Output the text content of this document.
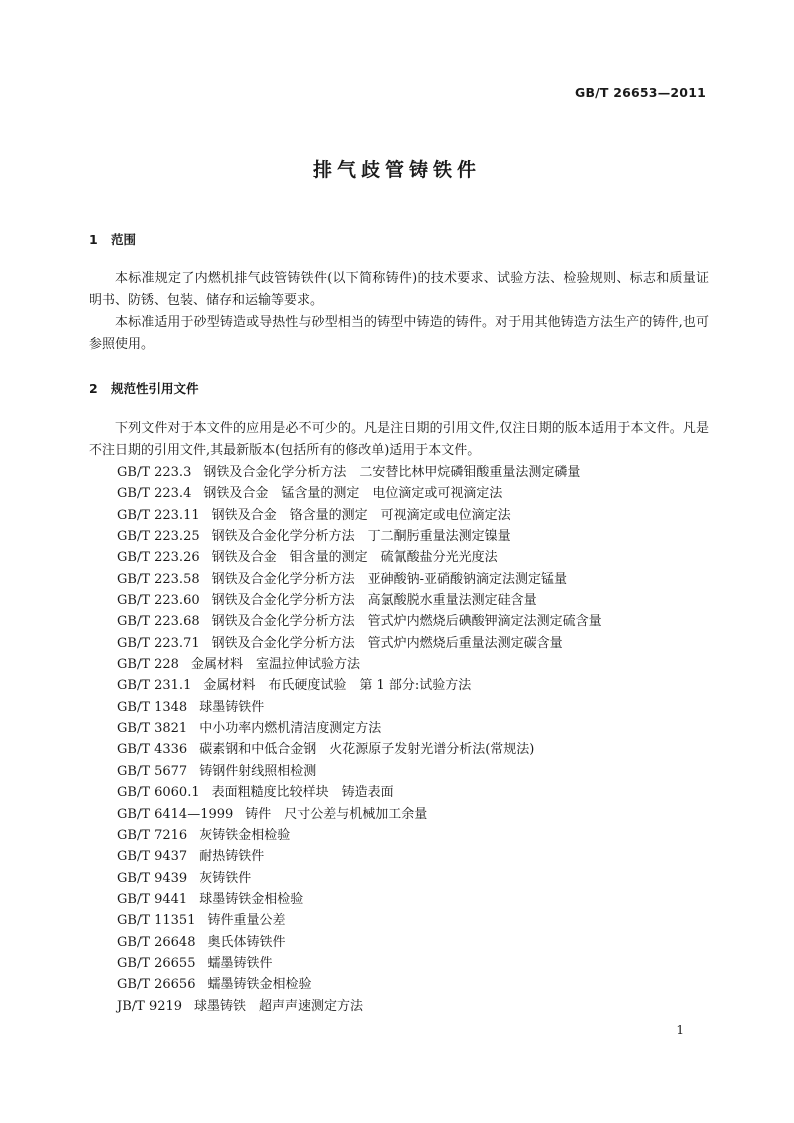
GB/T 26653—2011
排气歧管铸铁件
1 范围

本标准规定了内燃机排气歧管铸铁件(以下简称铸件)的技术要求、试验方法、检验规则、标志和质量证明书、防锈、包装、储存和运输等要求。

本标准适用于砂型铸造或导热性与砂型相当的铸型中铸造的铸件。对于用其他铸造方法生产的铸件,也可参照使用。

2 规范性引用文件

下列文件对于本文件的应用是必不可少的。凡是注日期的引用文件,仅注日期的版本适用于本文件。凡是不注日期的引用文件,其最新版本(包括所有的修改单)适用于本文件。

GB/T 223.3 钢铁及合金化学分析方法　二安替比林甲烷磷钼酸重量法测定磷量
GB/T 223.4 钢铁及合金　锰含量的测定　电位滴定或可视滴定法
GB/T 223.11 钢铁及合金　铬含量的测定　可视滴定或电位滴定法
GB/T 223.25 钢铁及合金化学分析方法　丁二酮肟重量法测定镍量
GB/T 223.26 钢铁及合金　钼含量的测定　硫氰酸盐分光光度法
GB/T 223.58 钢铁及合金化学分析方法　亚砷酸钠-亚硝酸钠滴定法测定锰量
GB/T 223.60 钢铁及合金化学分析方法　高氯酸脱水重量法测定硅含量
GB/T 223.68 钢铁及合金化学分析方法　管式炉内燃烧后碘酸钾滴定法测定硫含量
GB/T 223.71 钢铁及合金化学分析方法　管式炉内燃烧后重量法测定碳含量
GB/T 228 金属材料　室温拉伸试验方法
GB/T 231.1 金属材料　布氏硬度试验　第 1 部分:试验方法
GB/T 1348 球墨铸铁件
GB/T 3821 中小功率内燃机清洁度测定方法
GB/T 4336 碳素钢和中低合金钢　火花源原子发射光谱分析法(常规法)
GB/T 5677 铸钢件射线照相检测
GB/T 6060.1 表面粗糙度比较样块　铸造表面
GB/T 6414—1999 铸件　尺寸公差与机械加工余量
GB/T 7216 灰铸铁金相检验
GB/T 9437 耐热铸铁件
GB/T 9439 灰铸铁件
GB/T 9441 球墨铸铁金相检验
GB/T 11351 铸件重量公差
GB/T 26648 奥氏体铸铁件
GB/T 26655 蠕墨铸铁件
GB/T 26656 蠕墨铸铁金相检验
JB/T 9219 球墨铸铁　超声声速测定方法
1
